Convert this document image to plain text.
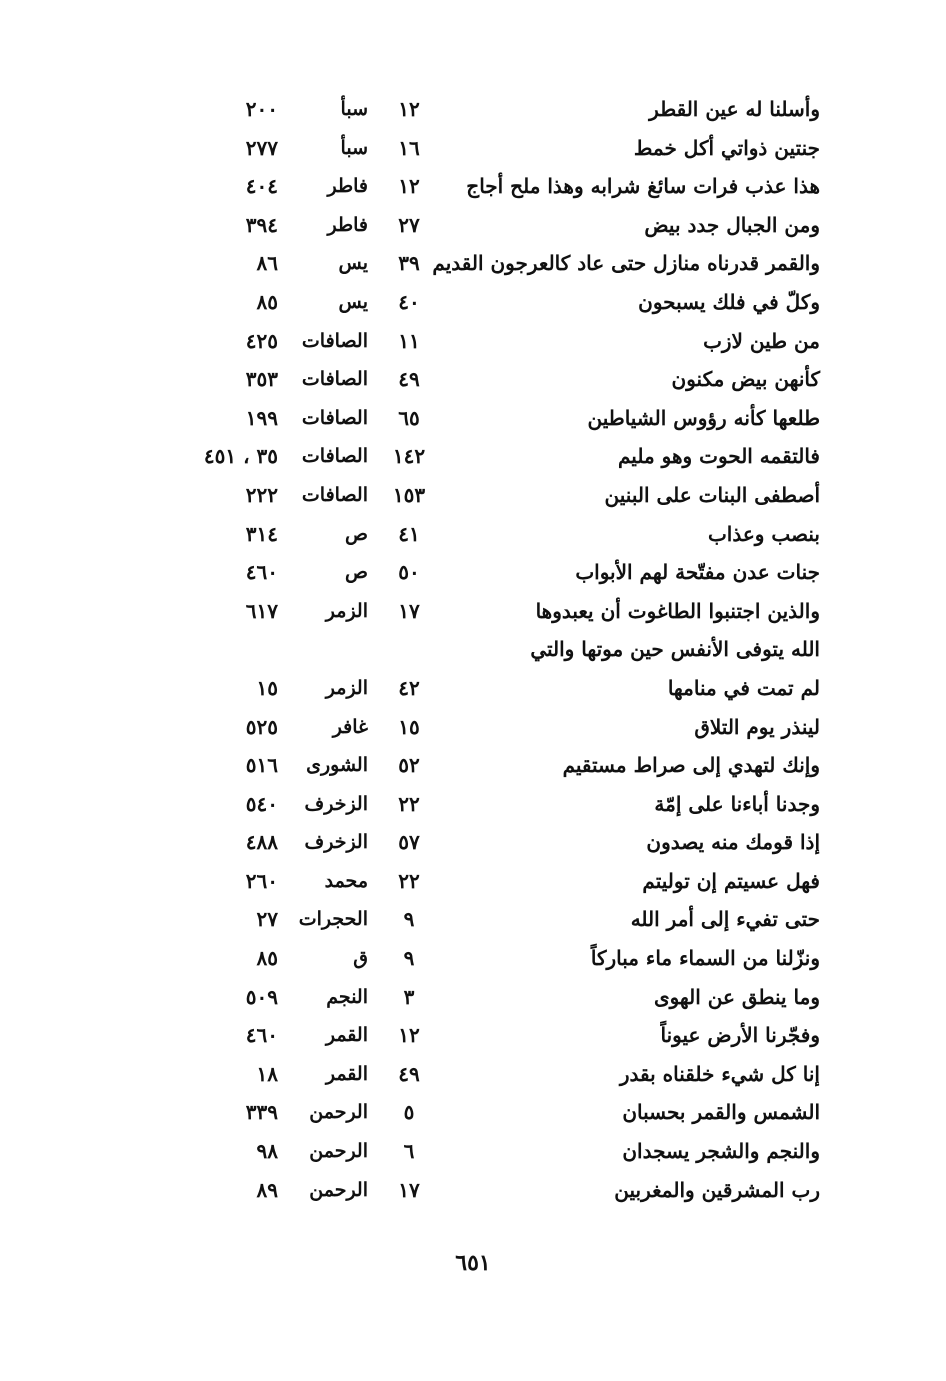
وأسلنا له عين القطر
١٢
سبأ
٢٠٠
جنتين ذواتي أكل خمط
١٦
سبأ
٢٧٧
هذا عذب فرات سائغ شرابه وهذا ملح أجاج
١٢
فاطر
٤٠٤
ومن الجبال جدد بيض
٢٧
فاطر
٣٩٤
والقمر قدرناه منازل حتى عاد كالعرجون القديم
٣٩
يس
٨٦
وكلّ في فلك يسبحون
٤٠
يس
٨٥
من طين لازب
١١
الصافات
٤٢٥
كأنهن بيض مكنون
٤٩
الصافات
٣٥٣
طلعها كأنه رؤوس الشياطين
٦٥
الصافات
١٩٩
فالتقمه الحوت وهو مليم
١٤٢
الصافات
٣٥ ، ٤٥١
أصطفى البنات على البنين
١٥٣
الصافات
٢٢٢
بنصب وعذاب
٤١
ص
٣١٤
جنات عدن مفتّحة لهم الأبواب
٥٠
ص
٤٦٠
والذين اجتنبوا الطاغوت أن يعبدوها
١٧
الزمر
٦١٧
الله يتوفى الأنفس حين موتها والتي
لم تمت في منامها
٤٢
الزمر
١٥
لينذر يوم التلاق
١٥
غافر
٥٢٥
وإنك لتهدي إلى صراط مستقيم
٥٢
الشورى
٥١٦
وجدنا أباءنا على إمّة
٢٢
الزخرف
٥٤٠
إذا قومك منه يصدون
٥٧
الزخرف
٤٨٨
فهل عسيتم إن توليتم
٢٢
محمد
٢٦٠
حتى تفيء إلى أمر الله
٩
الحجرات
٢٧
ونزّلنا من السماء ماء مباركاً
٩
ق
٨٥
وما ينطق عن الهوى
٣
النجم
٥٠٩
وفجّرنا الأرض عيوناً
١٢
القمر
٤٦٠
إنا كل شيء خلقناه بقدر
٤٩
القمر
١٨
الشمس والقمر بحسبان
٥
الرحمن
٣٣٩
والنجم والشجر يسجدان
٦
الرحمن
٩٨
رب المشرقين والمغربين
١٧
الرحمن
٨٩
٦٥١
